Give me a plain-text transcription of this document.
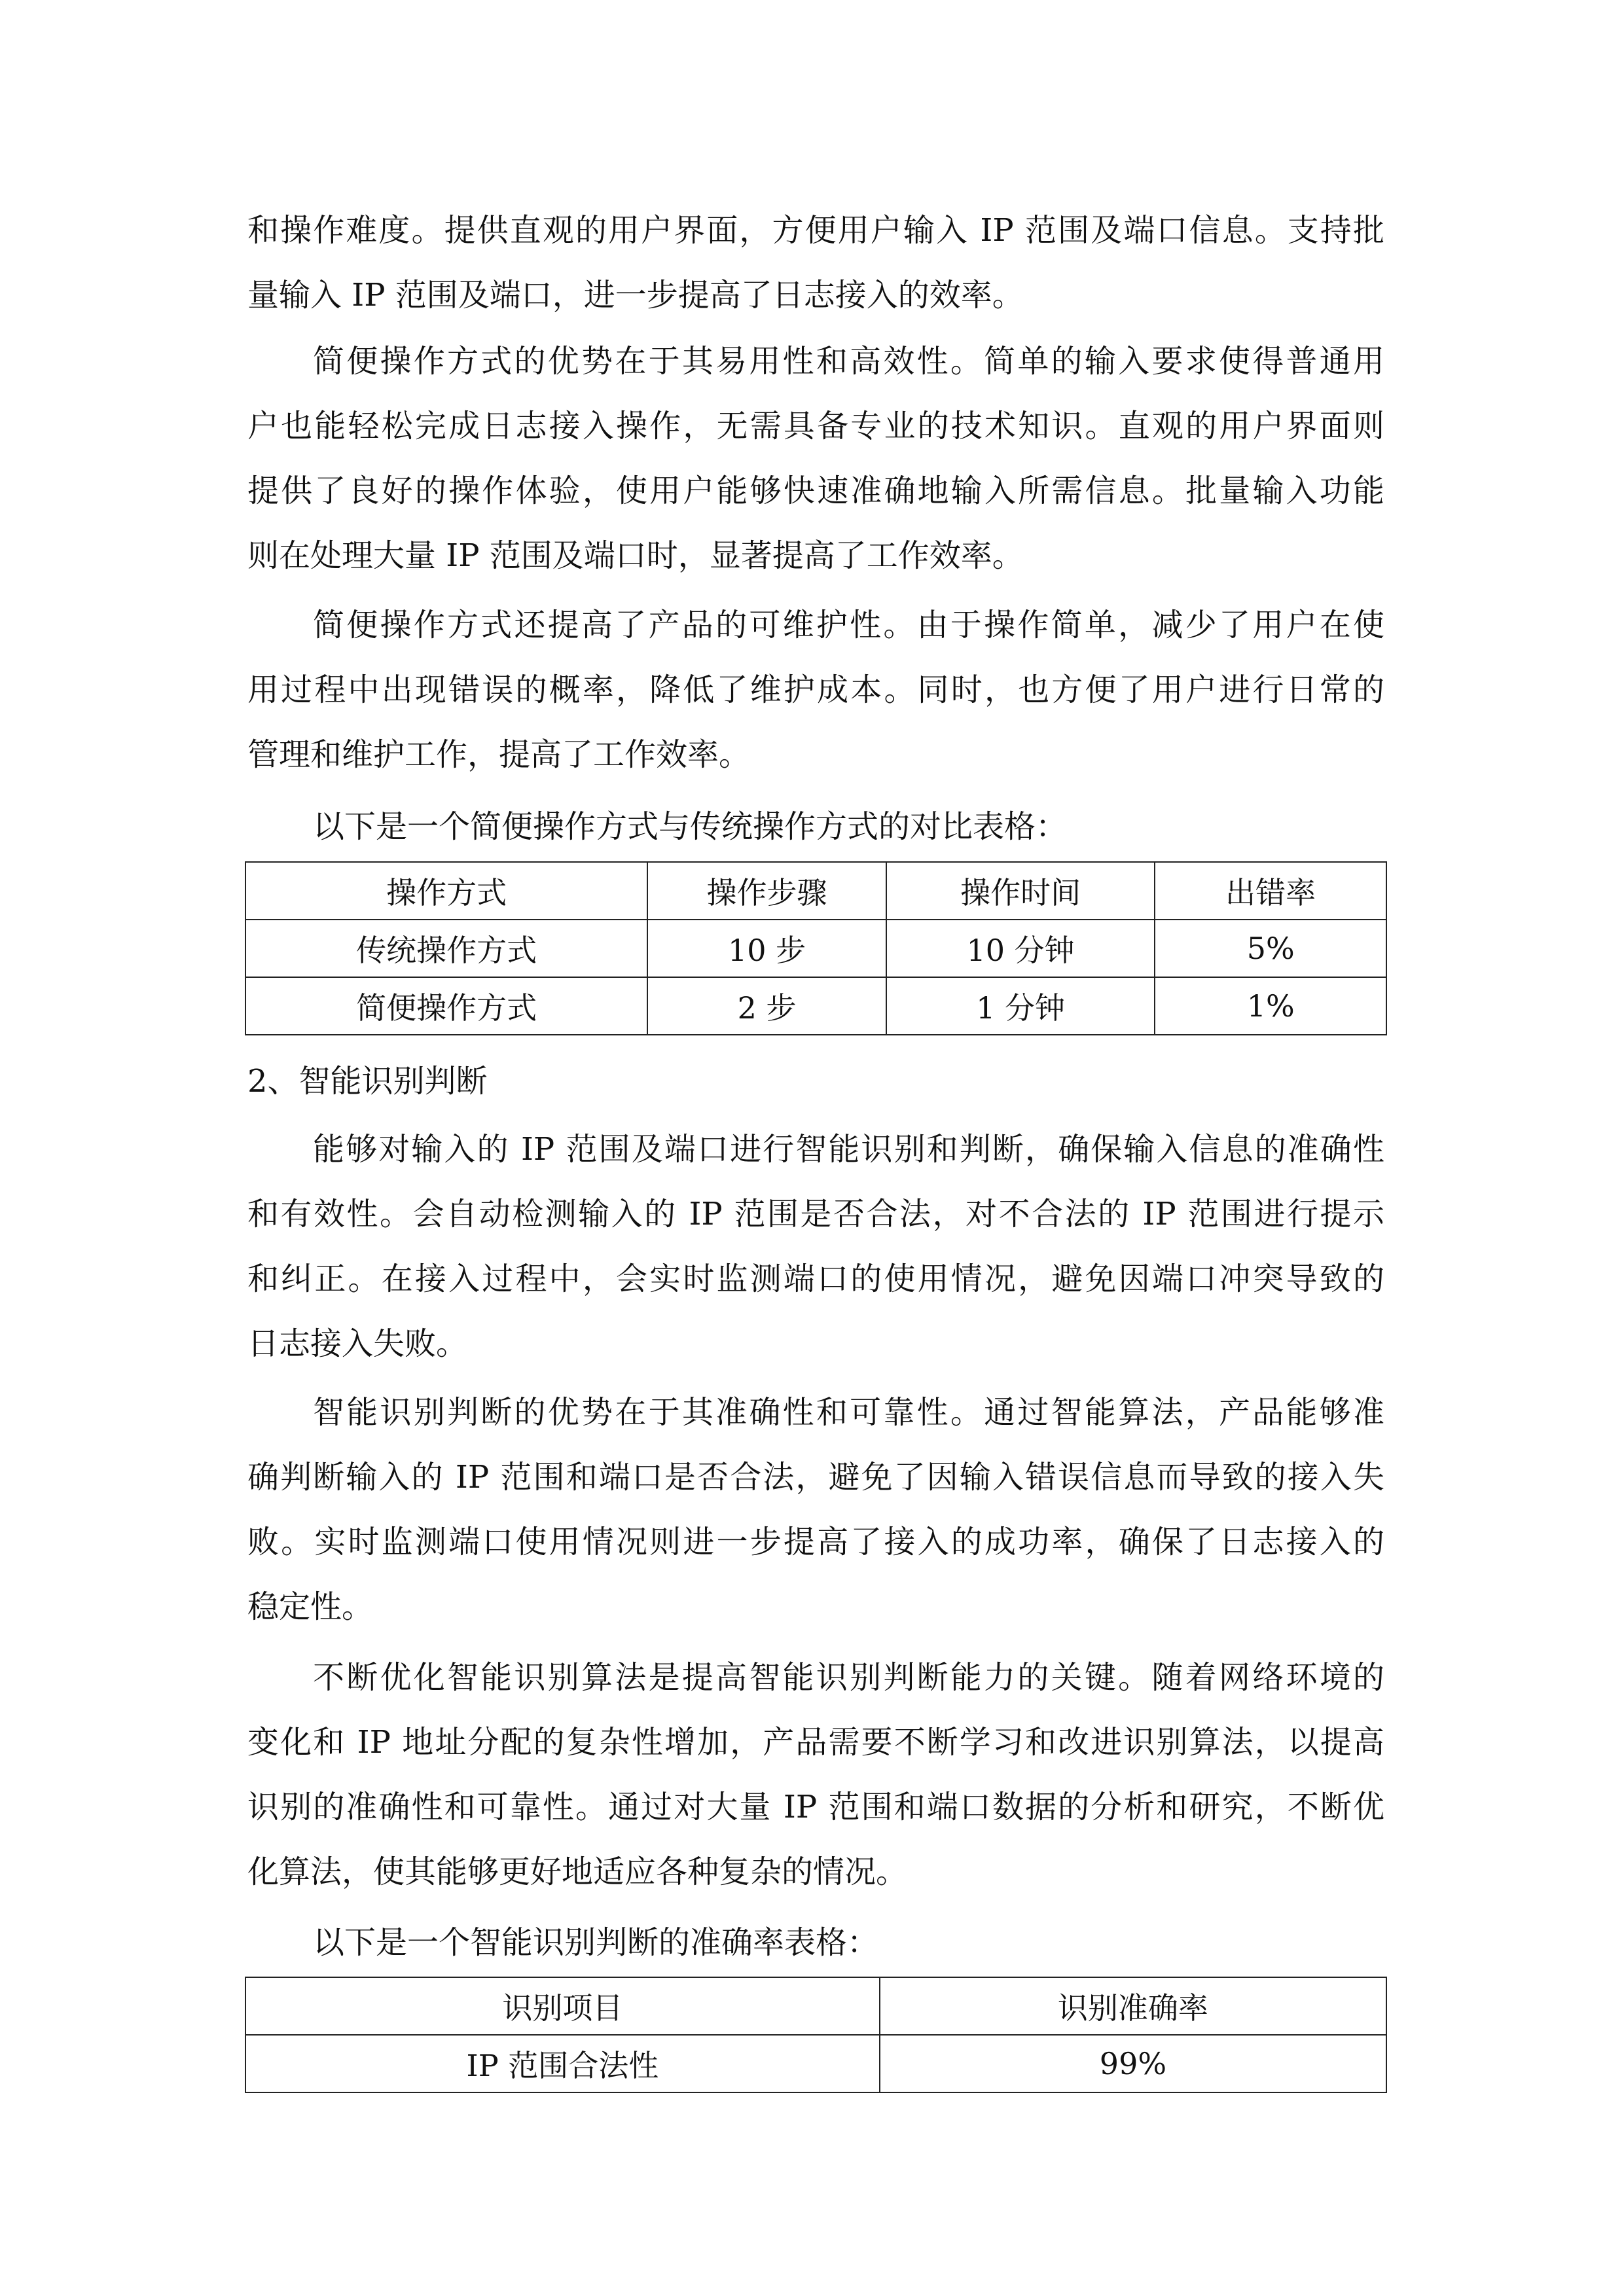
和操作难度。提供直观的用户界面，方便用户输入 IP 范围及端口信息。支持批
量输入 IP 范围及端口，进一步提高了日志接入的效率。
简便操作方式的优势在于其易用性和高效性。简单的输入要求使得普通用
户也能轻松完成日志接入操作，无需具备专业的技术知识。直观的用户界面则
提供了良好的操作体验，使用户能够快速准确地输入所需信息。批量输入功能
则在处理大量 IP 范围及端口时，显著提高了工作效率。
简便操作方式还提高了产品的可维护性。由于操作简单，减少了用户在使
用过程中出现错误的概率，降低了维护成本。同时，也方便了用户进行日常的
管理和维护工作，提高了工作效率。
以下是一个简便操作方式与传统操作方式的对比表格：
2、智能识别判断
能够对输入的 IP 范围及端口进行智能识别和判断，确保输入信息的准确性
和有效性。会自动检测输入的 IP 范围是否合法，对不合法的 IP 范围进行提示
和纠正。在接入过程中，会实时监测端口的使用情况，避免因端口冲突导致的
日志接入失败。
智能识别判断的优势在于其准确性和可靠性。通过智能算法，产品能够准
确判断输入的 IP 范围和端口是否合法，避免了因输入错误信息而导致的接入失
败。实时监测端口使用情况则进一步提高了接入的成功率，确保了日志接入的
稳定性。
不断优化智能识别算法是提高智能识别判断能力的关键。随着网络环境的
变化和 IP 地址分配的复杂性增加，产品需要不断学习和改进识别算法，以提高
识别的准确性和可靠性。通过对大量 IP 范围和端口数据的分析和研究，不断优
化算法，使其能够更好地适应各种复杂的情况。
以下是一个智能识别判断的准确率表格：
操作方式	操作步骤	操作时间	出错率
传统操作方式	10 步	10 分钟	5%
简便操作方式	2 步	1 分钟	1%
识别项目	识别准确率
IP 范围合法性	99%
